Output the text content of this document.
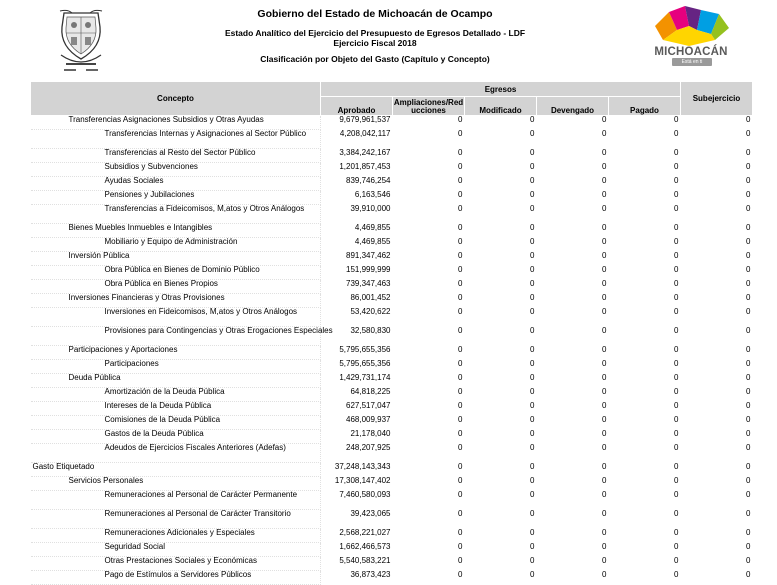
Gobierno del Estado de Michoacán de Ocampo
Estado Analítico del Ejercicio del Presupuesto de Egresos Detallado - LDF
Ejercicio Fiscal 2018
Clasificación por Objeto del Gasto (Capítulo y Concepto)
MICHOACÁN
Está en ti
Concepto	Egresos					Subejercicio
	Aprobado	Ampliaciones/Reducciones	Modificado	Devengado	Pagado	
Transferencias Asignaciones Subsidios y Otras Ayudas	9,679,961,537	0	0	0	0	0
Transferencias Internas y Asignaciones al Sector Público	4,208,042,117	0	0	0	0	0
Transferencias al Resto del Sector Público	3,384,242,167	0	0	0	0	0
Subsidios y Subvenciones	1,201,857,453	0	0	0	0	0
Ayudas Sociales	839,746,254	0	0	0	0	0
Pensiones y Jubilaciones	6,163,546	0	0	0	0	0
Transferencias a Fideicomisos, M,atos y Otros Análogos	39,910,000	0	0	0	0	0
Bienes Muebles Inmuebles e Intangibles	4,469,855	0	0	0	0	0
Mobiliario y Equipo de Administración	4,469,855	0	0	0	0	0
Inversión Pública	891,347,462	0	0	0	0	0
Obra Pública en Bienes de Dominio Público	151,999,999	0	0	0	0	0
Obra Pública en Bienes Propios	739,347,463	0	0	0	0	0
Inversiones Financieras y Otras Provisiones	86,001,452	0	0	0	0	0
Inversiones en Fideicomisos, M,atos y Otros Análogos	53,420,622	0	0	0	0	0
Provisiones para Contingencias y Otras Erogaciones Especiales	32,580,830	0	0	0	0	0
Participaciones y Aportaciones	5,795,655,356	0	0	0	0	0
Participaciones	5,795,655,356	0	0	0	0	0
Deuda Pública	1,429,731,174	0	0	0	0	0
Amortización de la Deuda Pública	64,818,225	0	0	0	0	0
Intereses de la Deuda Pública	627,517,047	0	0	0	0	0
Comisiones de la Deuda Pública	468,009,937	0	0	0	0	0
Gastos de la Deuda Pública	21,178,040	0	0	0	0	0
Adeudos de Ejercicios Fiscales Anteriores (Adefas)	248,207,925	0	0	0	0	0
Gasto Etiquetado	37,248,143,343	0	0	0	0	0
Servicios Personales	17,308,147,402	0	0	0	0	0
Remuneraciones al Personal de Carácter Permanente	7,460,580,093	0	0	0	0	0
Remuneraciones al Personal de Carácter Transitorio	39,423,065	0	0	0	0	0
Remuneraciones Adicionales y Especiales	2,568,221,027	0	0	0	0	0
Seguridad Social	1,662,466,573	0	0	0	0	0
Otras Prestaciones Sociales y Económicas	5,540,583,221	0	0	0	0	0
Pago de Estímulos a Servidores Públicos	36,873,423	0	0	0	0	0
